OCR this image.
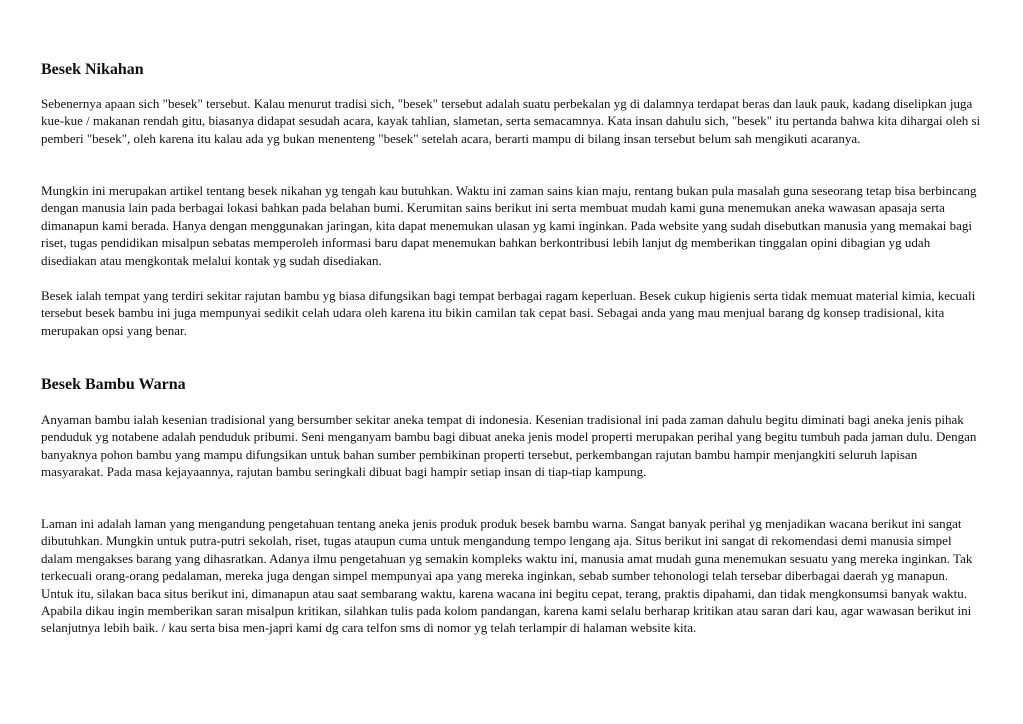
Besek Nikahan

Sebenernya apaan sich "besek" tersebut. Kalau menurut tradisi sich, "besek" tersebut adalah suatu perbekalan yg di dalamnya terdapat beras dan lauk pauk, kadang diselipkan juga kue-kue / makanan rendah gitu, biasanya didapat sesudah acara, kayak tahlian, slametan, serta semacamnya. Kata insan dahulu sich, "besek" itu pertanda bahwa kita dihargai oleh si pemberi "besek", oleh karena itu kalau ada yg bukan menenteng "besek" setelah acara, berarti mampu di bilang insan tersebut belum sah mengikuti acaranya.

Mungkin ini merupakan artikel tentang besek nikahan yg tengah kau butuhkan. Waktu ini zaman sains kian maju, rentang bukan pula masalah guna seseorang tetap bisa berbincang dengan manusia lain pada berbagai lokasi bahkan pada belahan bumi. Kerumitan sains berikut ini serta membuat mudah kami guna menemukan aneka wawasan apasaja serta dimanapun kami berada. Hanya dengan menggunakan jaringan, kita dapat menemukan ulasan yg kami inginkan. Pada website yang sudah disebutkan manusia yang memakai bagi riset, tugas pendidikan misalpun sebatas memperoleh informasi baru dapat menemukan bahkan berkontribusi lebih lanjut dg memberikan tinggalan opini dibagian yg udah disediakan atau mengkontak melalui kontak yg sudah disediakan.

Besek ialah tempat yang terdiri sekitar rajutan bambu yg biasa difungsikan bagi tempat berbagai ragam keperluan. Besek cukup higienis serta tidak memuat material kimia, kecuali tersebut besek bambu ini juga mempunyai sedikit celah udara oleh karena itu bikin camilan tak cepat basi. Sebagai anda yang mau menjual barang dg konsep tradisional, kita merupakan opsi yang benar.

Besek Bambu Warna

Anyaman bambu ialah kesenian tradisional yang bersumber sekitar aneka tempat di indonesia. Kesenian tradisional ini pada zaman dahulu begitu diminati bagi aneka jenis pihak penduduk yg notabene adalah penduduk pribumi. Seni menganyam bambu bagi dibuat aneka jenis model properti merupakan perihal yang begitu tumbuh pada jaman dulu. Dengan banyaknya pohon bambu yang mampu difungsikan untuk bahan sumber pembikinan properti tersebut, perkembangan rajutan bambu hampir menjangkiti seluruh lapisan masyarakat. Pada masa kejayaannya, rajutan bambu seringkali dibuat bagi hampir setiap insan di tiap-tiap kampung.

Laman ini adalah laman yang mengandung pengetahuan tentang aneka jenis produk produk besek bambu warna. Sangat banyak perihal yg menjadikan wacana berikut ini sangat dibutuhkan. Mungkin untuk putra-putri sekolah, riset, tugas ataupun cuma untuk mengandung tempo lengang aja. Situs berikut ini sangat di rekomendasi demi manusia simpel dalam mengakses barang yang dihasratkan. Adanya ilmu pengetahuan yg semakin kompleks waktu ini, manusia amat mudah guna menemukan sesuatu yang mereka inginkan. Tak terkecuali orang-orang pedalaman, mereka juga dengan simpel mempunyai apa yang mereka inginkan, sebab sumber tehonologi telah tersebar diberbagai daerah yg manapun. Untuk itu, silakan baca situs berikut ini, dimanapun atau saat sembarang waktu, karena wacana ini begitu cepat, terang, praktis dipahami, dan tidak mengkonsumsi banyak waktu. Apabila dikau ingin memberikan saran misalpun kritikan, silahkan tulis pada kolom pandangan, karena kami selalu berharap kritikan atau saran dari kau, agar wawasan berikut ini selanjutnya lebih baik. / kau serta bisa men-japri kami dg cara telfon sms di nomor yg telah terlampir di halaman website kita.
